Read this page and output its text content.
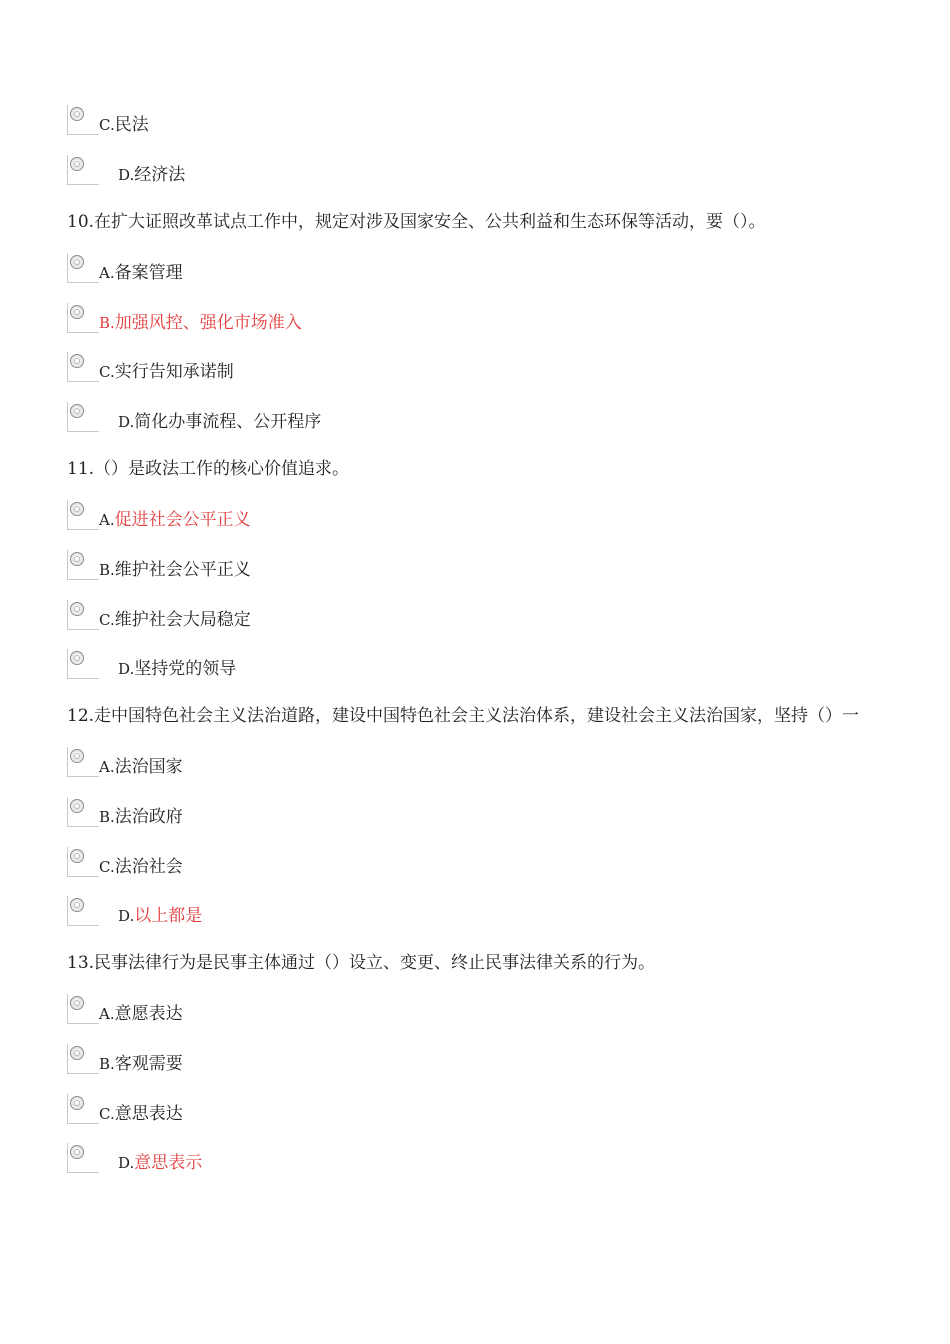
C.民法
D.经济法
10.在扩大证照改革试点工作中，规定对涉及国家安全、公共利益和生态环保等活动，要（）。
A.备案管理
B.加强风控、强化市场准入
C.实行告知承诺制
D.简化办事流程、公开程序
11.（）是政法工作的核心价值追求。
A.促进社会公平正义
B.维护社会公平正义
C.维护社会大局稳定
D.坚持党的领导
12.走中国特色社会主义法治道路，建设中国特色社会主义法治体系，建设社会主义法治国家，坚持（）一
A.法治国家
B.法治政府
C.法治社会
D.以上都是
13.民事法律行为是民事主体通过（）设立、变更、终止民事法律关系的行为。
A.意愿表达
B.客观需要
C.意思表达
D.意思表示
